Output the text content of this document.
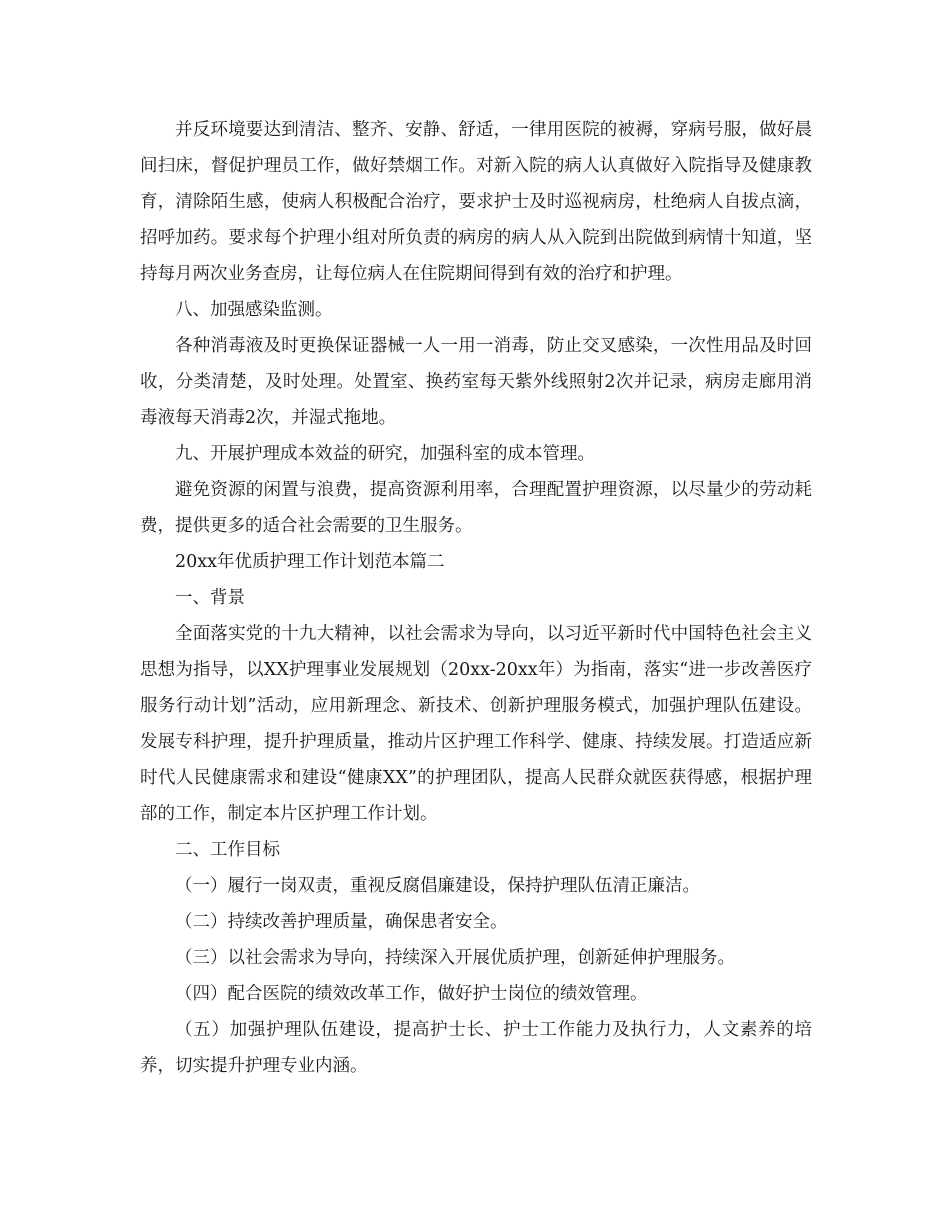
并反环境要达到清洁、整齐、安静、舒适，一律用医院的被褥，穿病号服，做好晨间扫床，督促护理员工作，做好禁烟工作。对新入院的病人认真做好入院指导及健康教育，清除陌生感，使病人积极配合治疗，要求护士及时巡视病房，杜绝病人自拔点滴，招呼加药。要求每个护理小组对所负责的病房的病人从入院到出院做到病情十知道，坚持每月两次业务查房，让每位病人在住院期间得到有效的治疗和护理。

八、加强感染监测。

各种消毒液及时更换保证器械一人一用一消毒，防止交叉感染，一次性用品及时回收，分类清楚，及时处理。处置室、换药室每天紫外线照射2次并记录，病房走廊用消毒液每天消毒2次，并湿式拖地。

九、开展护理成本效益的研究，加强科室的成本管理。

避免资源的闲置与浪费，提高资源利用率，合理配置护理资源，以尽量少的劳动耗费，提供更多的适合社会需要的卫生服务。

20xx年优质护理工作计划范本篇二

一、背景

全面落实党的十九大精神，以社会需求为导向，以习近平新时代中国特色社会主义思想为指导，以XX护理事业发展规划（20xx-20xx年）为指南，落实“进一步改善医疗服务行动计划”活动，应用新理念、新技术、创新护理服务模式，加强护理队伍建设。发展专科护理，提升护理质量，推动片区护理工作科学、健康、持续发展。打造适应新时代人民健康需求和建设“健康XX”的护理团队，提高人民群众就医获得感，根据护理部的工作，制定本片区护理工作计划。

二、工作目标

（一）履行一岗双责，重视反腐倡廉建设，保持护理队伍清正廉洁。

（二）持续改善护理质量，确保患者安全。

（三）以社会需求为导向，持续深入开展优质护理，创新延伸护理服务。

（四）配合医院的绩效改革工作，做好护士岗位的绩效管理。

（五）加强护理队伍建设，提高护士长、护士工作能力及执行力，人文素养的培养，切实提升护理专业内涵。
